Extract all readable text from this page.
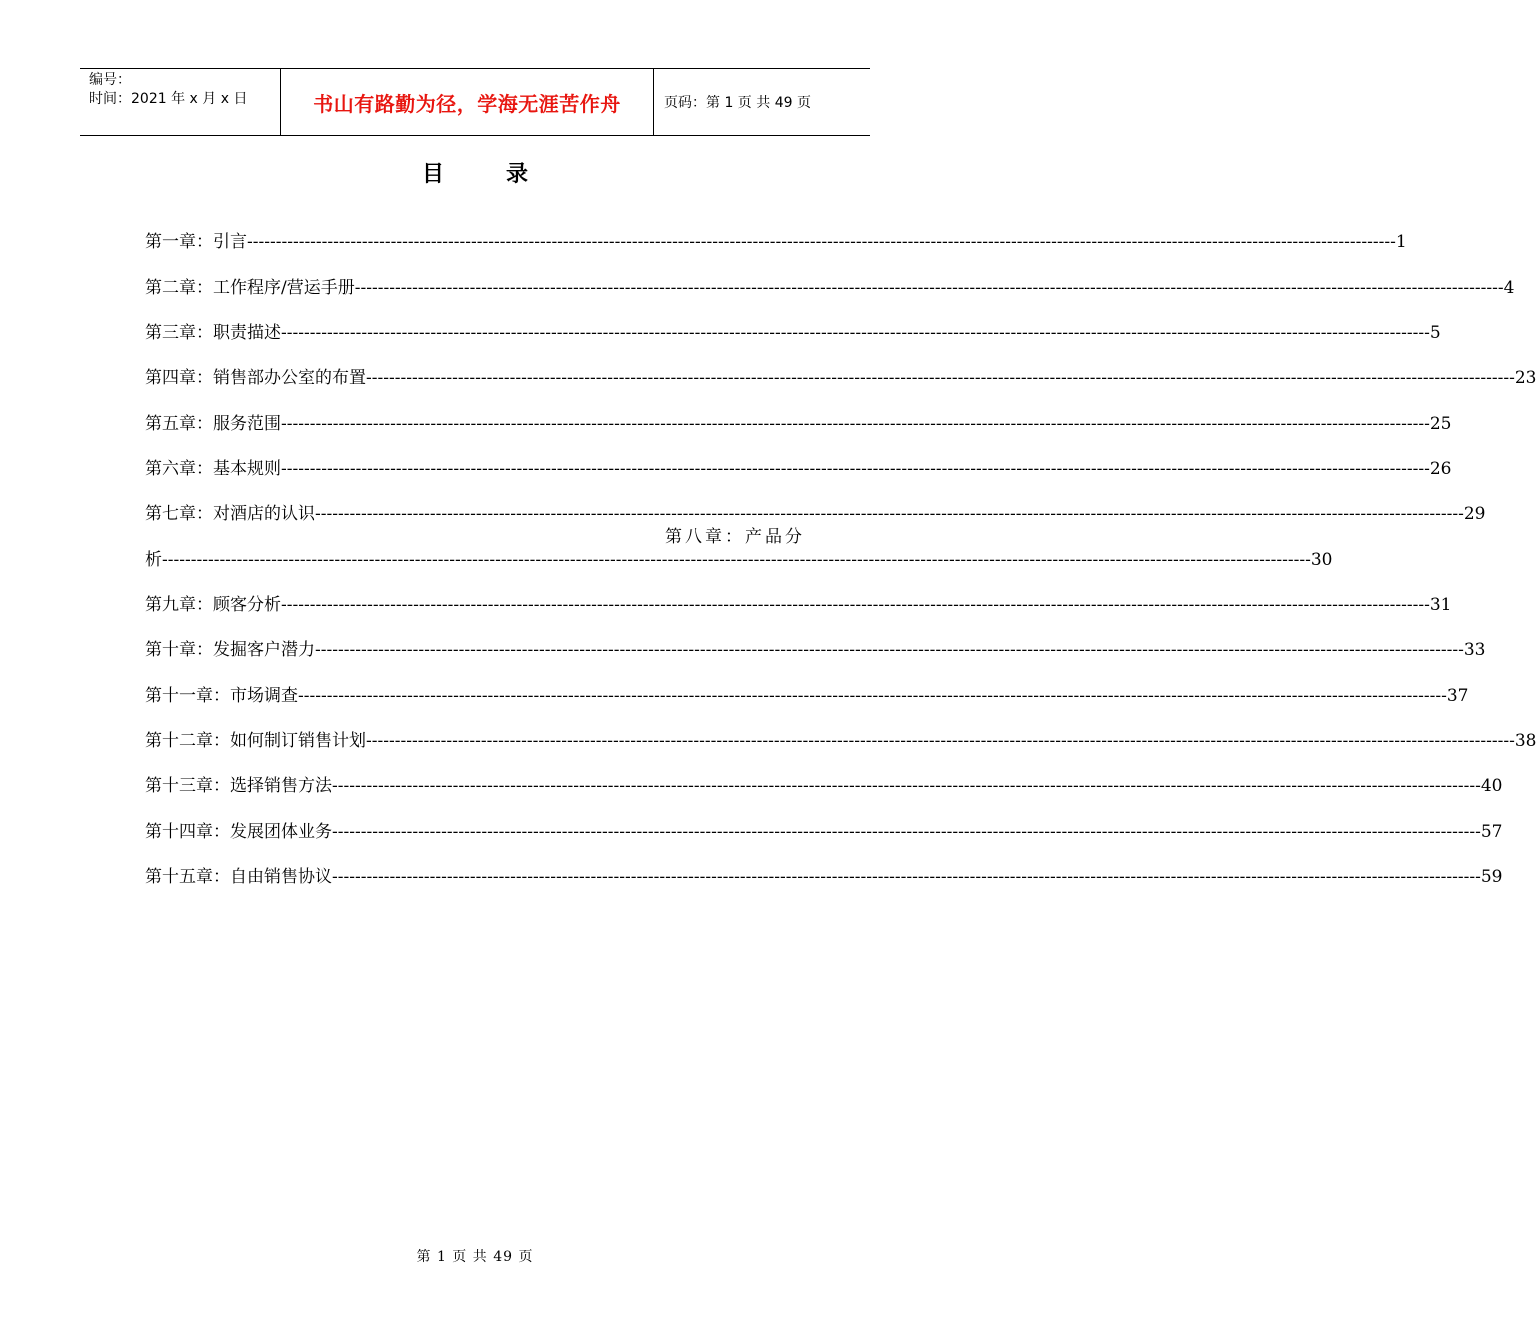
编号：
时间：2021 年 x 月 x 日	书山有路勤为径，学海无涯苦作舟	页码：第 1 页 共 49 页
目录
第一章：引言 -------------------------------------------------------------------------------------------------------------------------------------------------------------------------------------------------------- 1
第二章：工作程序/营运手册 -------------------------------------------------------------------------------------------------------------------------------------------------------------------------------------------------------- 4
第三章：职责描述 -------------------------------------------------------------------------------------------------------------------------------------------------------------------------------------------------------- 5
第四章：销售部办公室的布置 -------------------------------------------------------------------------------------------------------------------------------------------------------------------------------------------------------- 23
第五章：服务范围 -------------------------------------------------------------------------------------------------------------------------------------------------------------------------------------------------------- 25
第六章：基本规则 -------------------------------------------------------------------------------------------------------------------------------------------------------------------------------------------------------- 26
第七章：对酒店的认识 -------------------------------------------------------------------------------------------------------------------------------------------------------------------------------------------------------- 29
第八章：产品分
析 -------------------------------------------------------------------------------------------------------------------------------------------------------------------------------------------------------- 30
第九章：顾客分析 -------------------------------------------------------------------------------------------------------------------------------------------------------------------------------------------------------- 31
第十章：发掘客户潜力 -------------------------------------------------------------------------------------------------------------------------------------------------------------------------------------------------------- 33
第十一章：市场调查 -------------------------------------------------------------------------------------------------------------------------------------------------------------------------------------------------------- 37
第十二章：如何制订销售计划 -------------------------------------------------------------------------------------------------------------------------------------------------------------------------------------------------------- 38
第十三章：选择销售方法 -------------------------------------------------------------------------------------------------------------------------------------------------------------------------------------------------------- 40
第十四章：发展团体业务 -------------------------------------------------------------------------------------------------------------------------------------------------------------------------------------------------------- 57
第十五章：自由销售协议 -------------------------------------------------------------------------------------------------------------------------------------------------------------------------------------------------------- 59
第 1 页 共 49 页
